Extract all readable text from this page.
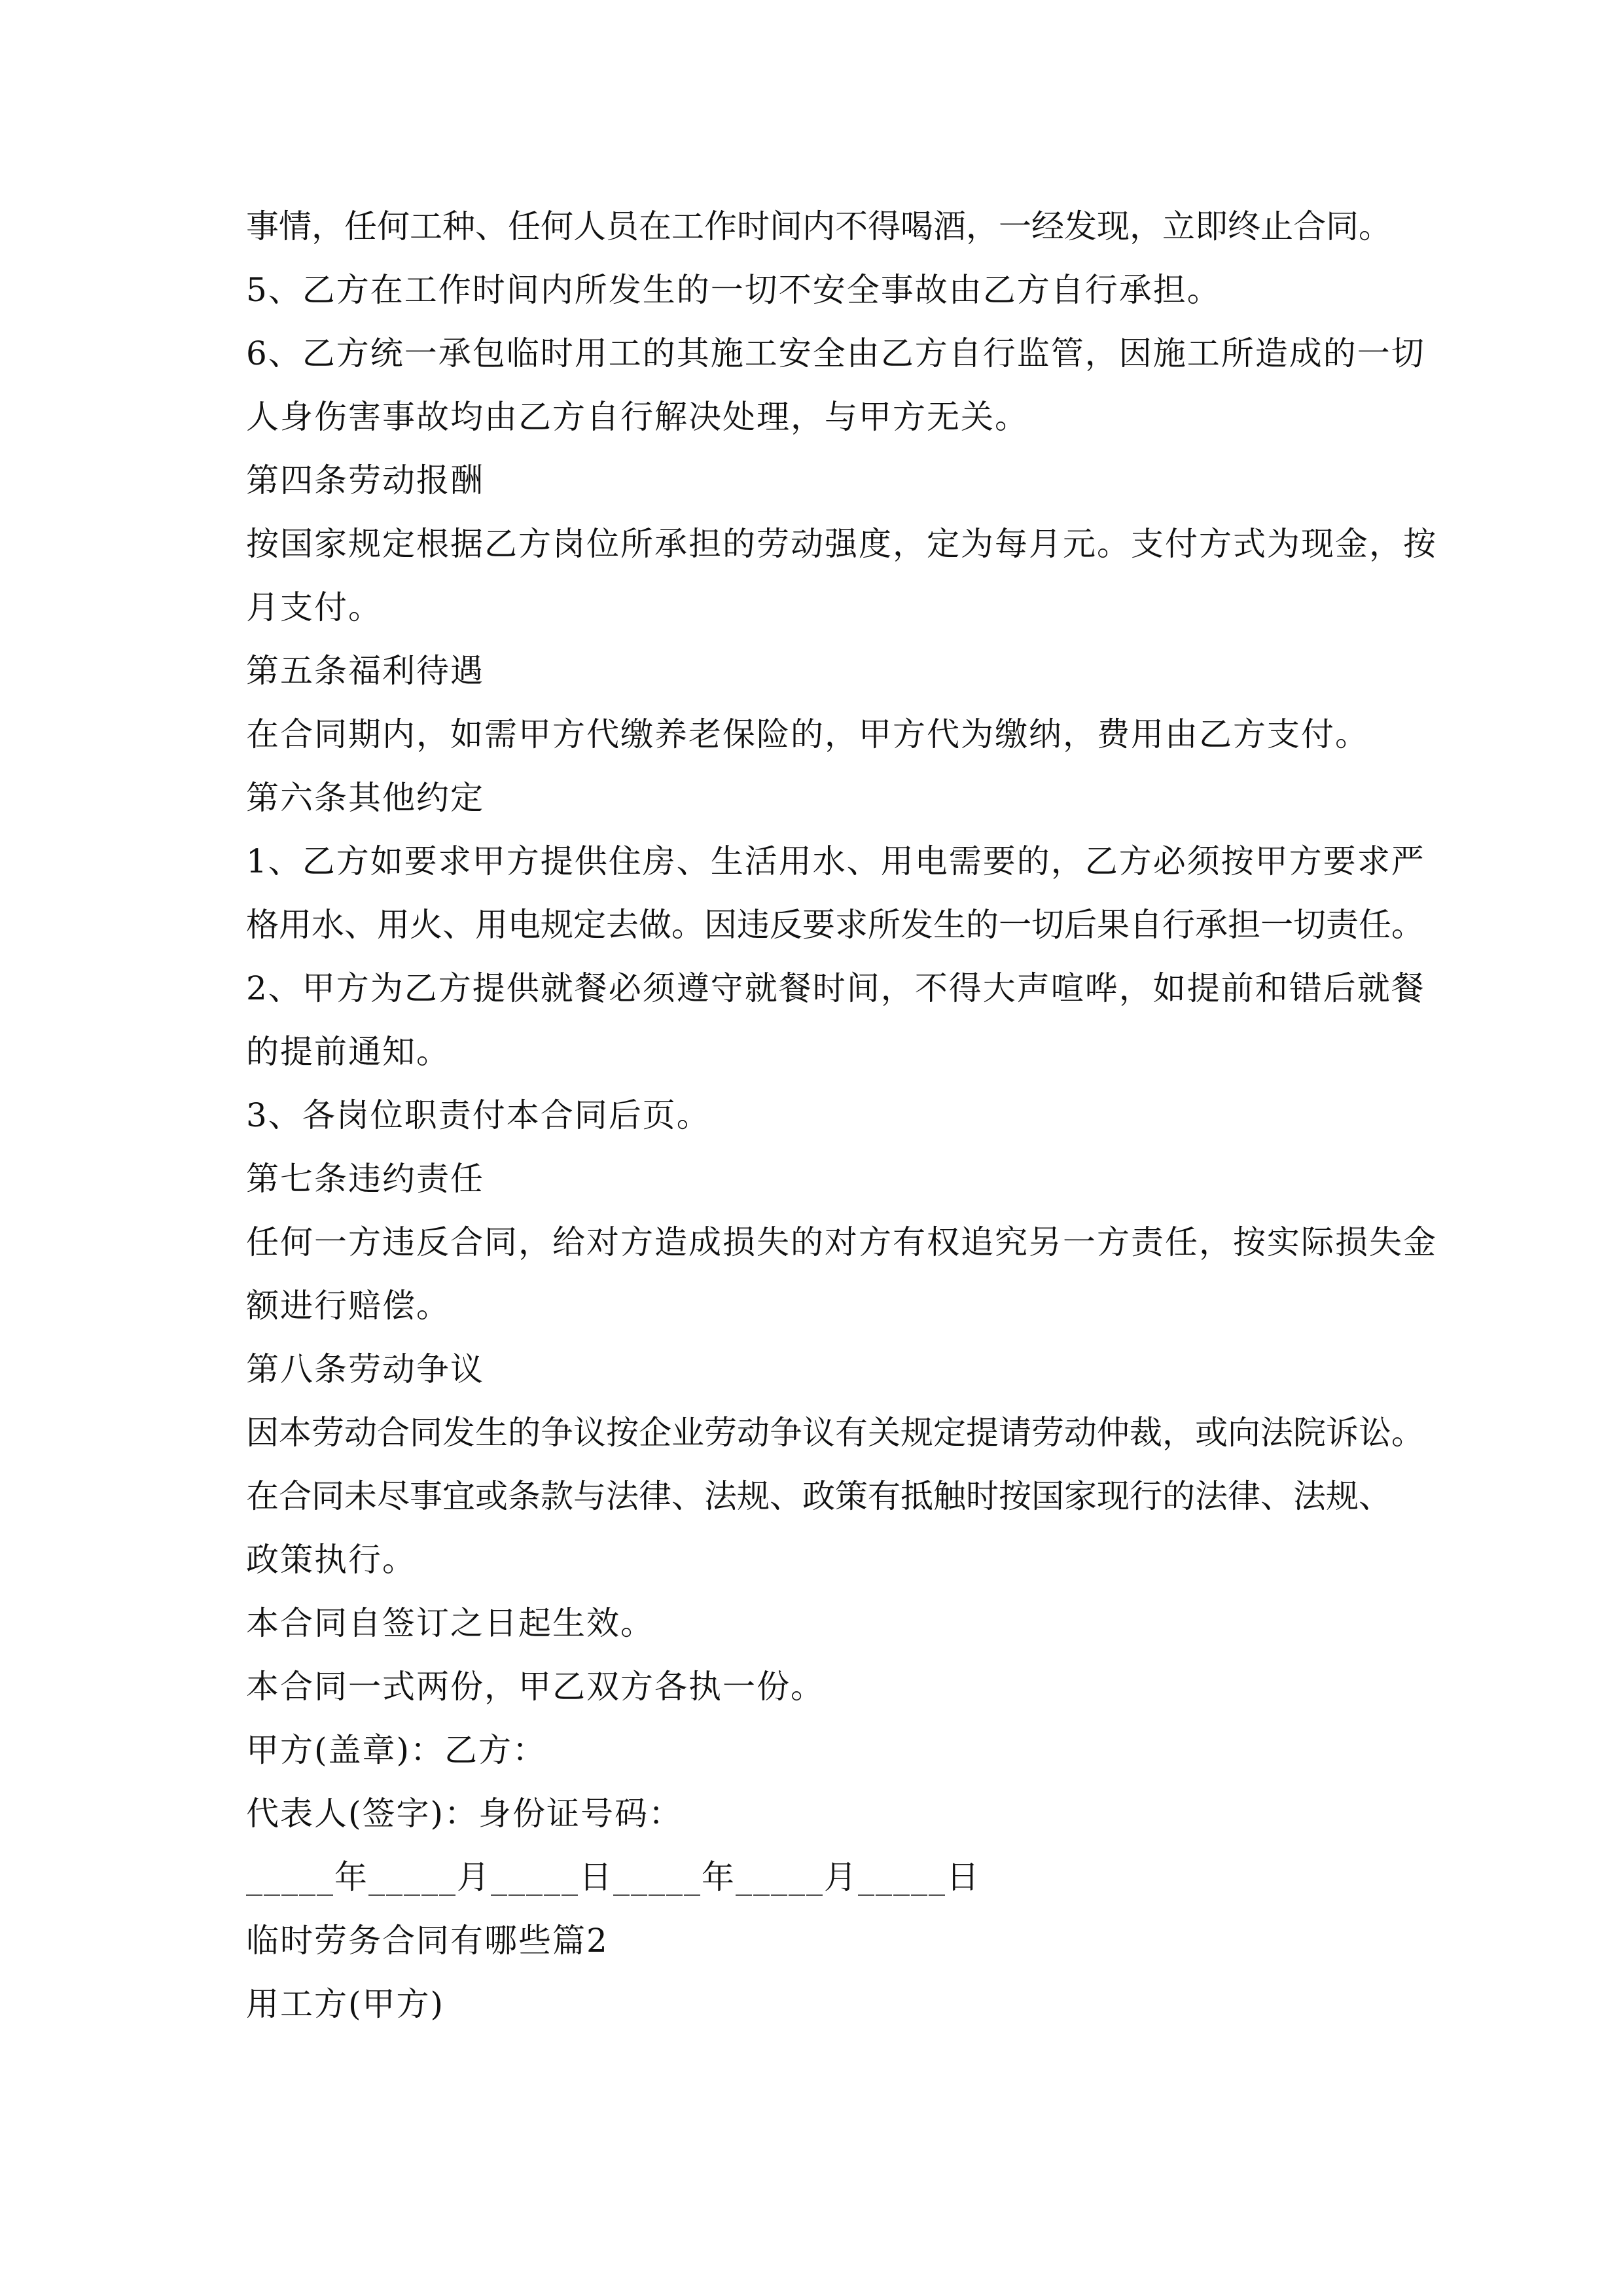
事情，任何工种、任何人员在工作时间内不得喝酒，一经发现，立即终止合同。
5、乙方在工作时间内所发生的一切不安全事故由乙方自行承担。
6、乙方统一承包临时用工的其施工安全由乙方自行监管，因施工所造成的一切
人身伤害事故均由乙方自行解决处理，与甲方无关。
第四条劳动报酬
按国家规定根据乙方岗位所承担的劳动强度，定为每月元。支付方式为现金，按
月支付。
第五条福利待遇
在合同期内，如需甲方代缴养老保险的，甲方代为缴纳，费用由乙方支付。
第六条其他约定
1、乙方如要求甲方提供住房、生活用水、用电需要的，乙方必须按甲方要求严
格用水、用火、用电规定去做。因违反要求所发生的一切后果自行承担一切责任。
2、甲方为乙方提供就餐必须遵守就餐时间，不得大声喧哗，如提前和错后就餐
的提前通知。
3、各岗位职责付本合同后页。
第七条违约责任
任何一方违反合同，给对方造成损失的对方有权追究另一方责任，按实际损失金
额进行赔偿。
第八条劳动争议
因本劳动合同发生的争议按企业劳动争议有关规定提请劳动仲裁，或向法院诉讼。
在合同未尽事宜或条款与法律、法规、政策有抵触时按国家现行的法律、法规、
政策执行。
本合同自签订之日起生效。
本合同一式两份，甲乙双方各执一份。
甲方(盖章)：乙方：
代表人(签字)：身份证号码：
_____年_____月_____日_____年_____月_____日
临时劳务合同有哪些篇2
用工方(甲方)
